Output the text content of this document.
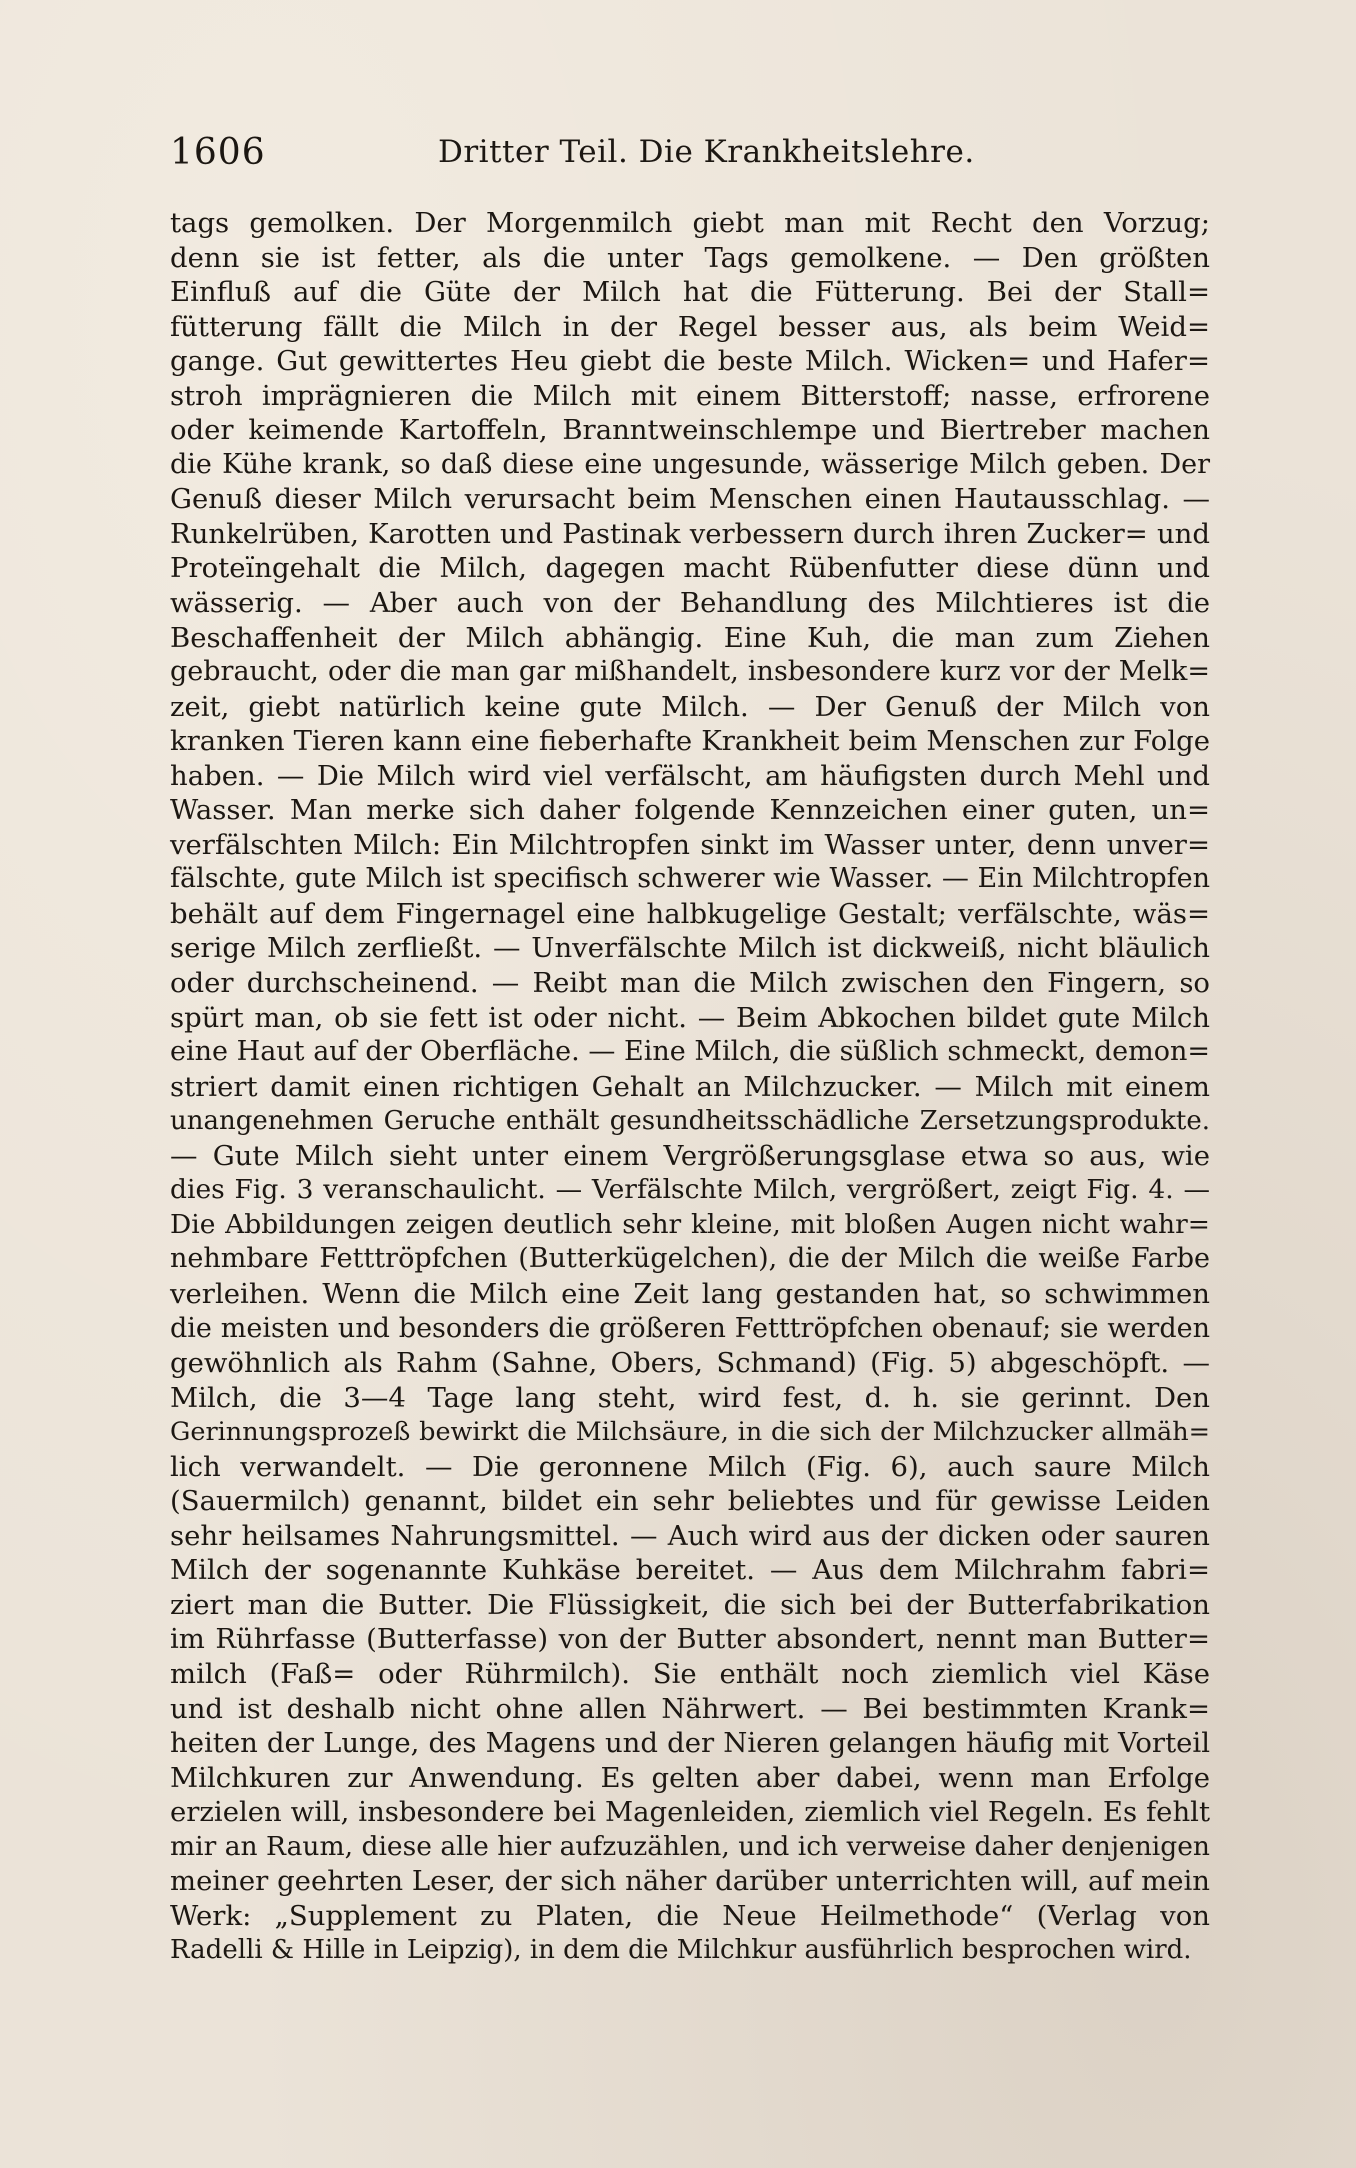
1606	Dritter Teil. Die Krankheitslehre.
tags gemolken. Der Morgenmilch giebt man mit Recht den Vorzug;
denn sie ist fetter, als die unter Tags gemolkene. — Den größten
Einfluß auf die Güte der Milch hat die Fütterung. Bei der Stall=
fütterung fällt die Milch in der Regel besser aus, als beim Weid=
gange. Gut gewittertes Heu giebt die beste Milch. Wicken= und Hafer=
stroh imprägnieren die Milch mit einem Bitterstoff; nasse, erfrorene
oder keimende Kartoffeln, Branntweinschlempe und Biertreber machen
die Kühe krank, so daß diese eine ungesunde, wässerige Milch geben. Der
Genuß dieser Milch verursacht beim Menschen einen Hautausschlag. —
Runkelrüben, Karotten und Pastinak verbessern durch ihren Zucker= und
Proteïngehalt die Milch, dagegen macht Rübenfutter diese dünn und
wässerig. — Aber auch von der Behandlung des Milchtieres ist die
Beschaffenheit der Milch abhängig. Eine Kuh, die man zum Ziehen
gebraucht, oder die man gar mißhandelt, insbesondere kurz vor der Melk=
zeit, giebt natürlich keine gute Milch. — Der Genuß der Milch von
kranken Tieren kann eine fieberhafte Krankheit beim Menschen zur Folge
haben. — Die Milch wird viel verfälscht, am häufigsten durch Mehl und
Wasser. Man merke sich daher folgende Kennzeichen einer guten, un=
verfälschten Milch: Ein Milchtropfen sinkt im Wasser unter, denn unver=
fälschte, gute Milch ist specifisch schwerer wie Wasser. — Ein Milchtropfen
behält auf dem Fingernagel eine halbkugelige Gestalt; verfälschte, wäs=
serige Milch zerfließt. — Unverfälschte Milch ist dickweiß, nicht bläulich
oder durchscheinend. — Reibt man die Milch zwischen den Fingern, so
spürt man, ob sie fett ist oder nicht. — Beim Abkochen bildet gute Milch
eine Haut auf der Oberfläche. — Eine Milch, die süßlich schmeckt, demon=
striert damit einen richtigen Gehalt an Milchzucker. — Milch mit einem
unangenehmen Geruche enthält gesundheitsschädliche Zersetzungsprodukte.
— Gute Milch sieht unter einem Vergrößerungsglase etwa so aus, wie
dies Fig. 3 veranschaulicht. — Verfälschte Milch, vergrößert, zeigt Fig. 4. —
Die Abbildungen zeigen deutlich sehr kleine, mit bloßen Augen nicht wahr=
nehmbare Fetttröpfchen (Butterkügelchen), die der Milch die weiße Farbe
verleihen. Wenn die Milch eine Zeit lang gestanden hat, so schwimmen
die meisten und besonders die größeren Fetttröpfchen obenauf; sie werden
gewöhnlich als Rahm (Sahne, Obers, Schmand) (Fig. 5) abgeschöpft. —
Milch, die 3—4 Tage lang steht, wird fest, d. h. sie gerinnt. Den
Gerinnungsprozeß bewirkt die Milchsäure, in die sich der Milchzucker allmäh=
lich verwandelt. — Die geronnene Milch (Fig. 6), auch saure Milch
(Sauermilch) genannt, bildet ein sehr beliebtes und für gewisse Leiden
sehr heilsames Nahrungsmittel. — Auch wird aus der dicken oder sauren
Milch der sogenannte Kuhkäse bereitet. — Aus dem Milchrahm fabri=
ziert man die Butter. Die Flüssigkeit, die sich bei der Butterfabrikation
im Rührfasse (Butterfasse) von der Butter absondert, nennt man Butter=
milch (Faß= oder Rührmilch). Sie enthält noch ziemlich viel Käse
und ist deshalb nicht ohne allen Nährwert. — Bei bestimmten Krank=
heiten der Lunge, des Magens und der Nieren gelangen häufig mit Vorteil
Milchkuren zur Anwendung. Es gelten aber dabei, wenn man Erfolge
erzielen will, insbesondere bei Magenleiden, ziemlich viel Regeln. Es fehlt
mir an Raum, diese alle hier aufzuzählen, und ich verweise daher denjenigen
meiner geehrten Leser, der sich näher darüber unterrichten will, auf mein
Werk: „Supplement zu Platen, die Neue Heilmethode“ (Verlag von
Radelli & Hille in Leipzig), in dem die Milchkur ausführlich besprochen wird.
